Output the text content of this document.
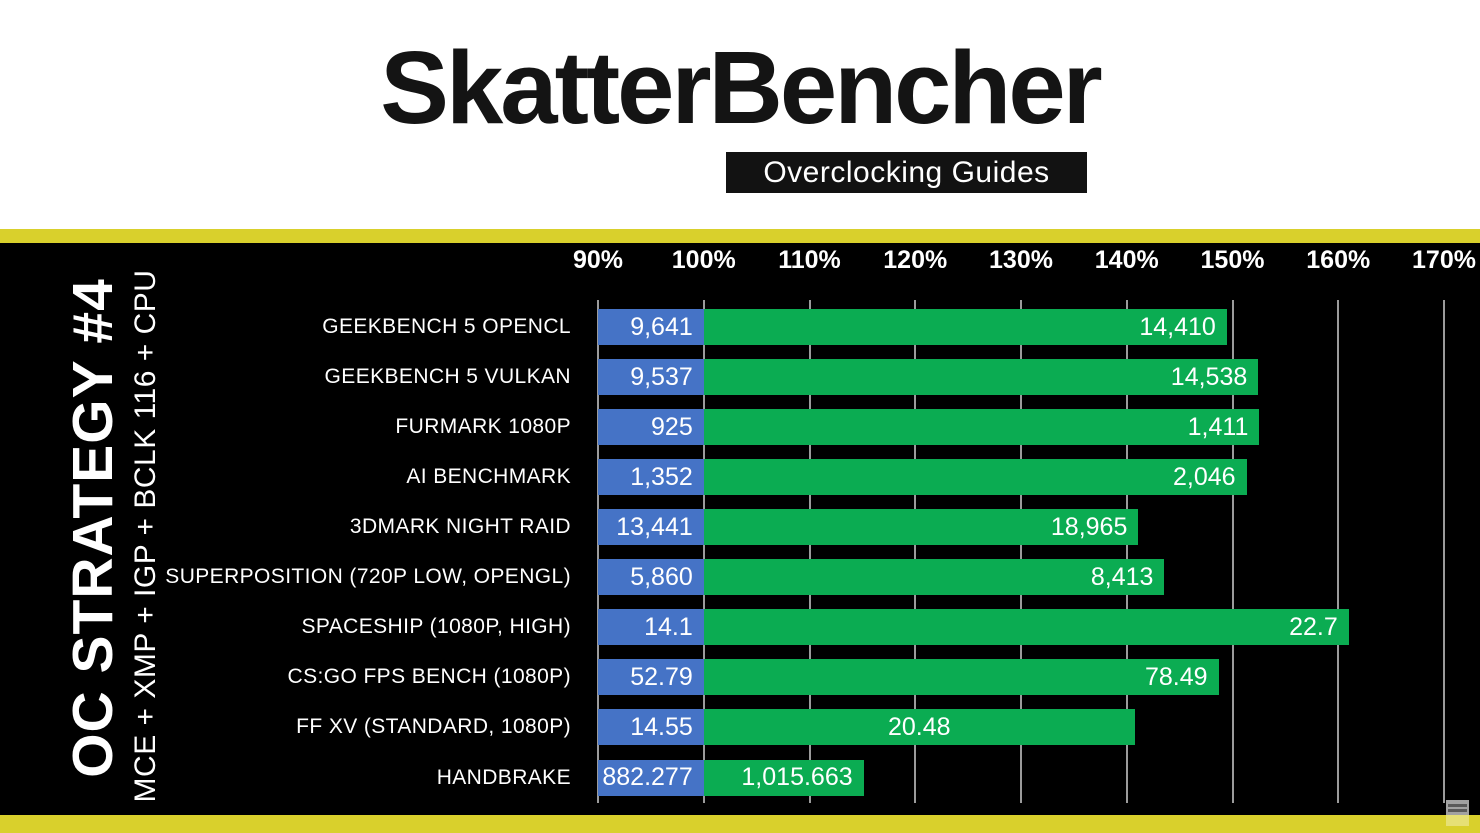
SkatterBencher
Overclocking Guides
OC STRATEGY #4 MCE + XMP + IGP + BCLK 116 + CPU
90%	100%	110%	120%	130%	140%	150%	160%	170%
GEEKBENCH 5 OPENCL	9,641	14,410
GEEKBENCH 5 VULKAN	9,537	14,538
FURMARK 1080P	925	1,411
AI BENCHMARK	1,352	2,046
3DMARK NIGHT RAID	13,441	18,965
SUPERPOSITION (720P LOW, OPENGL)	5,860	8,413
SPACESHIP (1080P, HIGH)	14.1	22.7
CS:GO FPS BENCH (1080P)	52.79	78.49
FF XV (STANDARD, 1080P)	14.55	20.48
HANDBRAKE	882.277	1,015.663
